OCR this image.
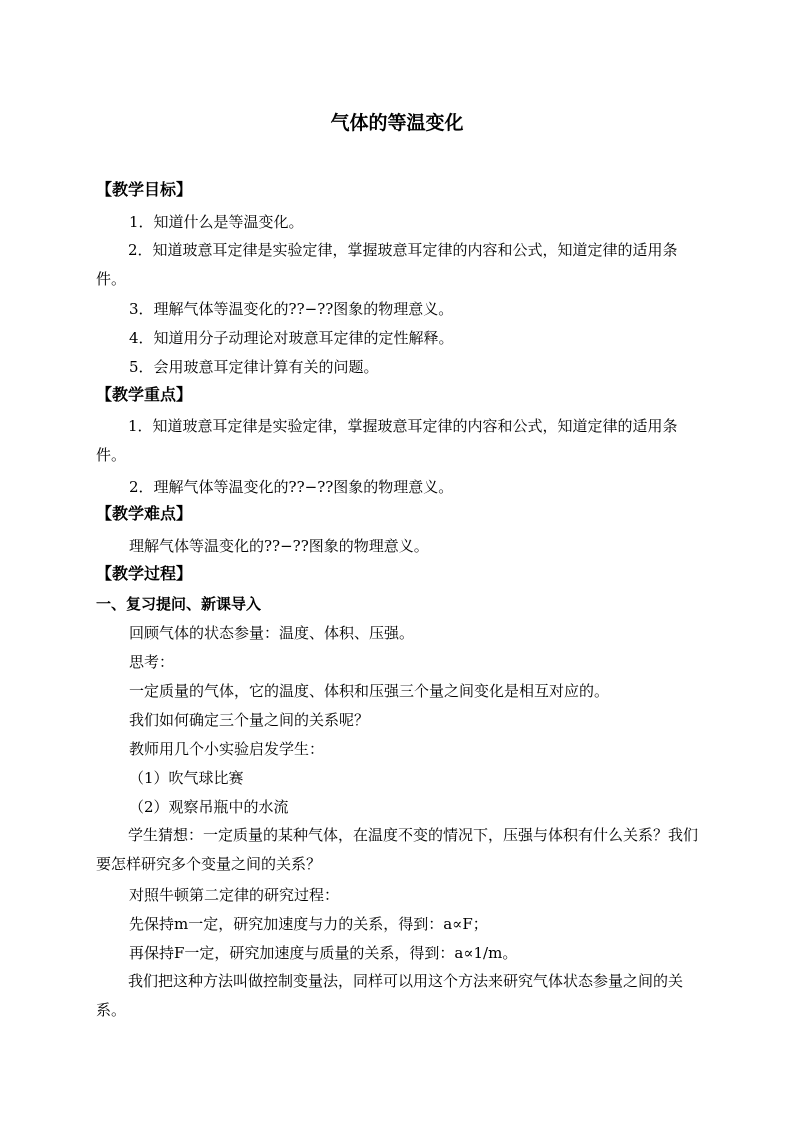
气体的等温变化
【教学目标】
1．知道什么是等温变化。
2．知道玻意耳定律是实验定律，掌握玻意耳定律的内容和公式，知道定律的适用条件。
3．理解气体等温变化的??−??图象的物理意义。
4．知道用分子动理论对玻意耳定律的定性解释。
5．会用玻意耳定律计算有关的问题。
【教学重点】
1．知道玻意耳定律是实验定律，掌握玻意耳定律的内容和公式，知道定律的适用条件。
2．理解气体等温变化的??−??图象的物理意义。
【教学难点】
理解气体等温变化的??−??图象的物理意义。
【教学过程】
一、复习提问、新课导入
回顾气体的状态参量：温度、体积、压强。
思考：
一定质量的气体，它的温度、体积和压强三个量之间变化是相互对应的。
我们如何确定三个量之间的关系呢？
教师用几个小实验启发学生：
（1）吹气球比赛
（2）观察吊瓶中的水流
学生猜想：一定质量的某种气体，在温度不变的情况下，压强与体积有什么关系？我们要怎样研究多个变量之间的关系？
对照牛顿第二定律的研究过程：
先保持m一定，研究加速度与力的关系，得到：a∝F；
再保持F一定，研究加速度与质量的关系，得到：a∝1/m。
我们把这种方法叫做控制变量法，同样可以用这个方法来研究气体状态参量之间的关系。
